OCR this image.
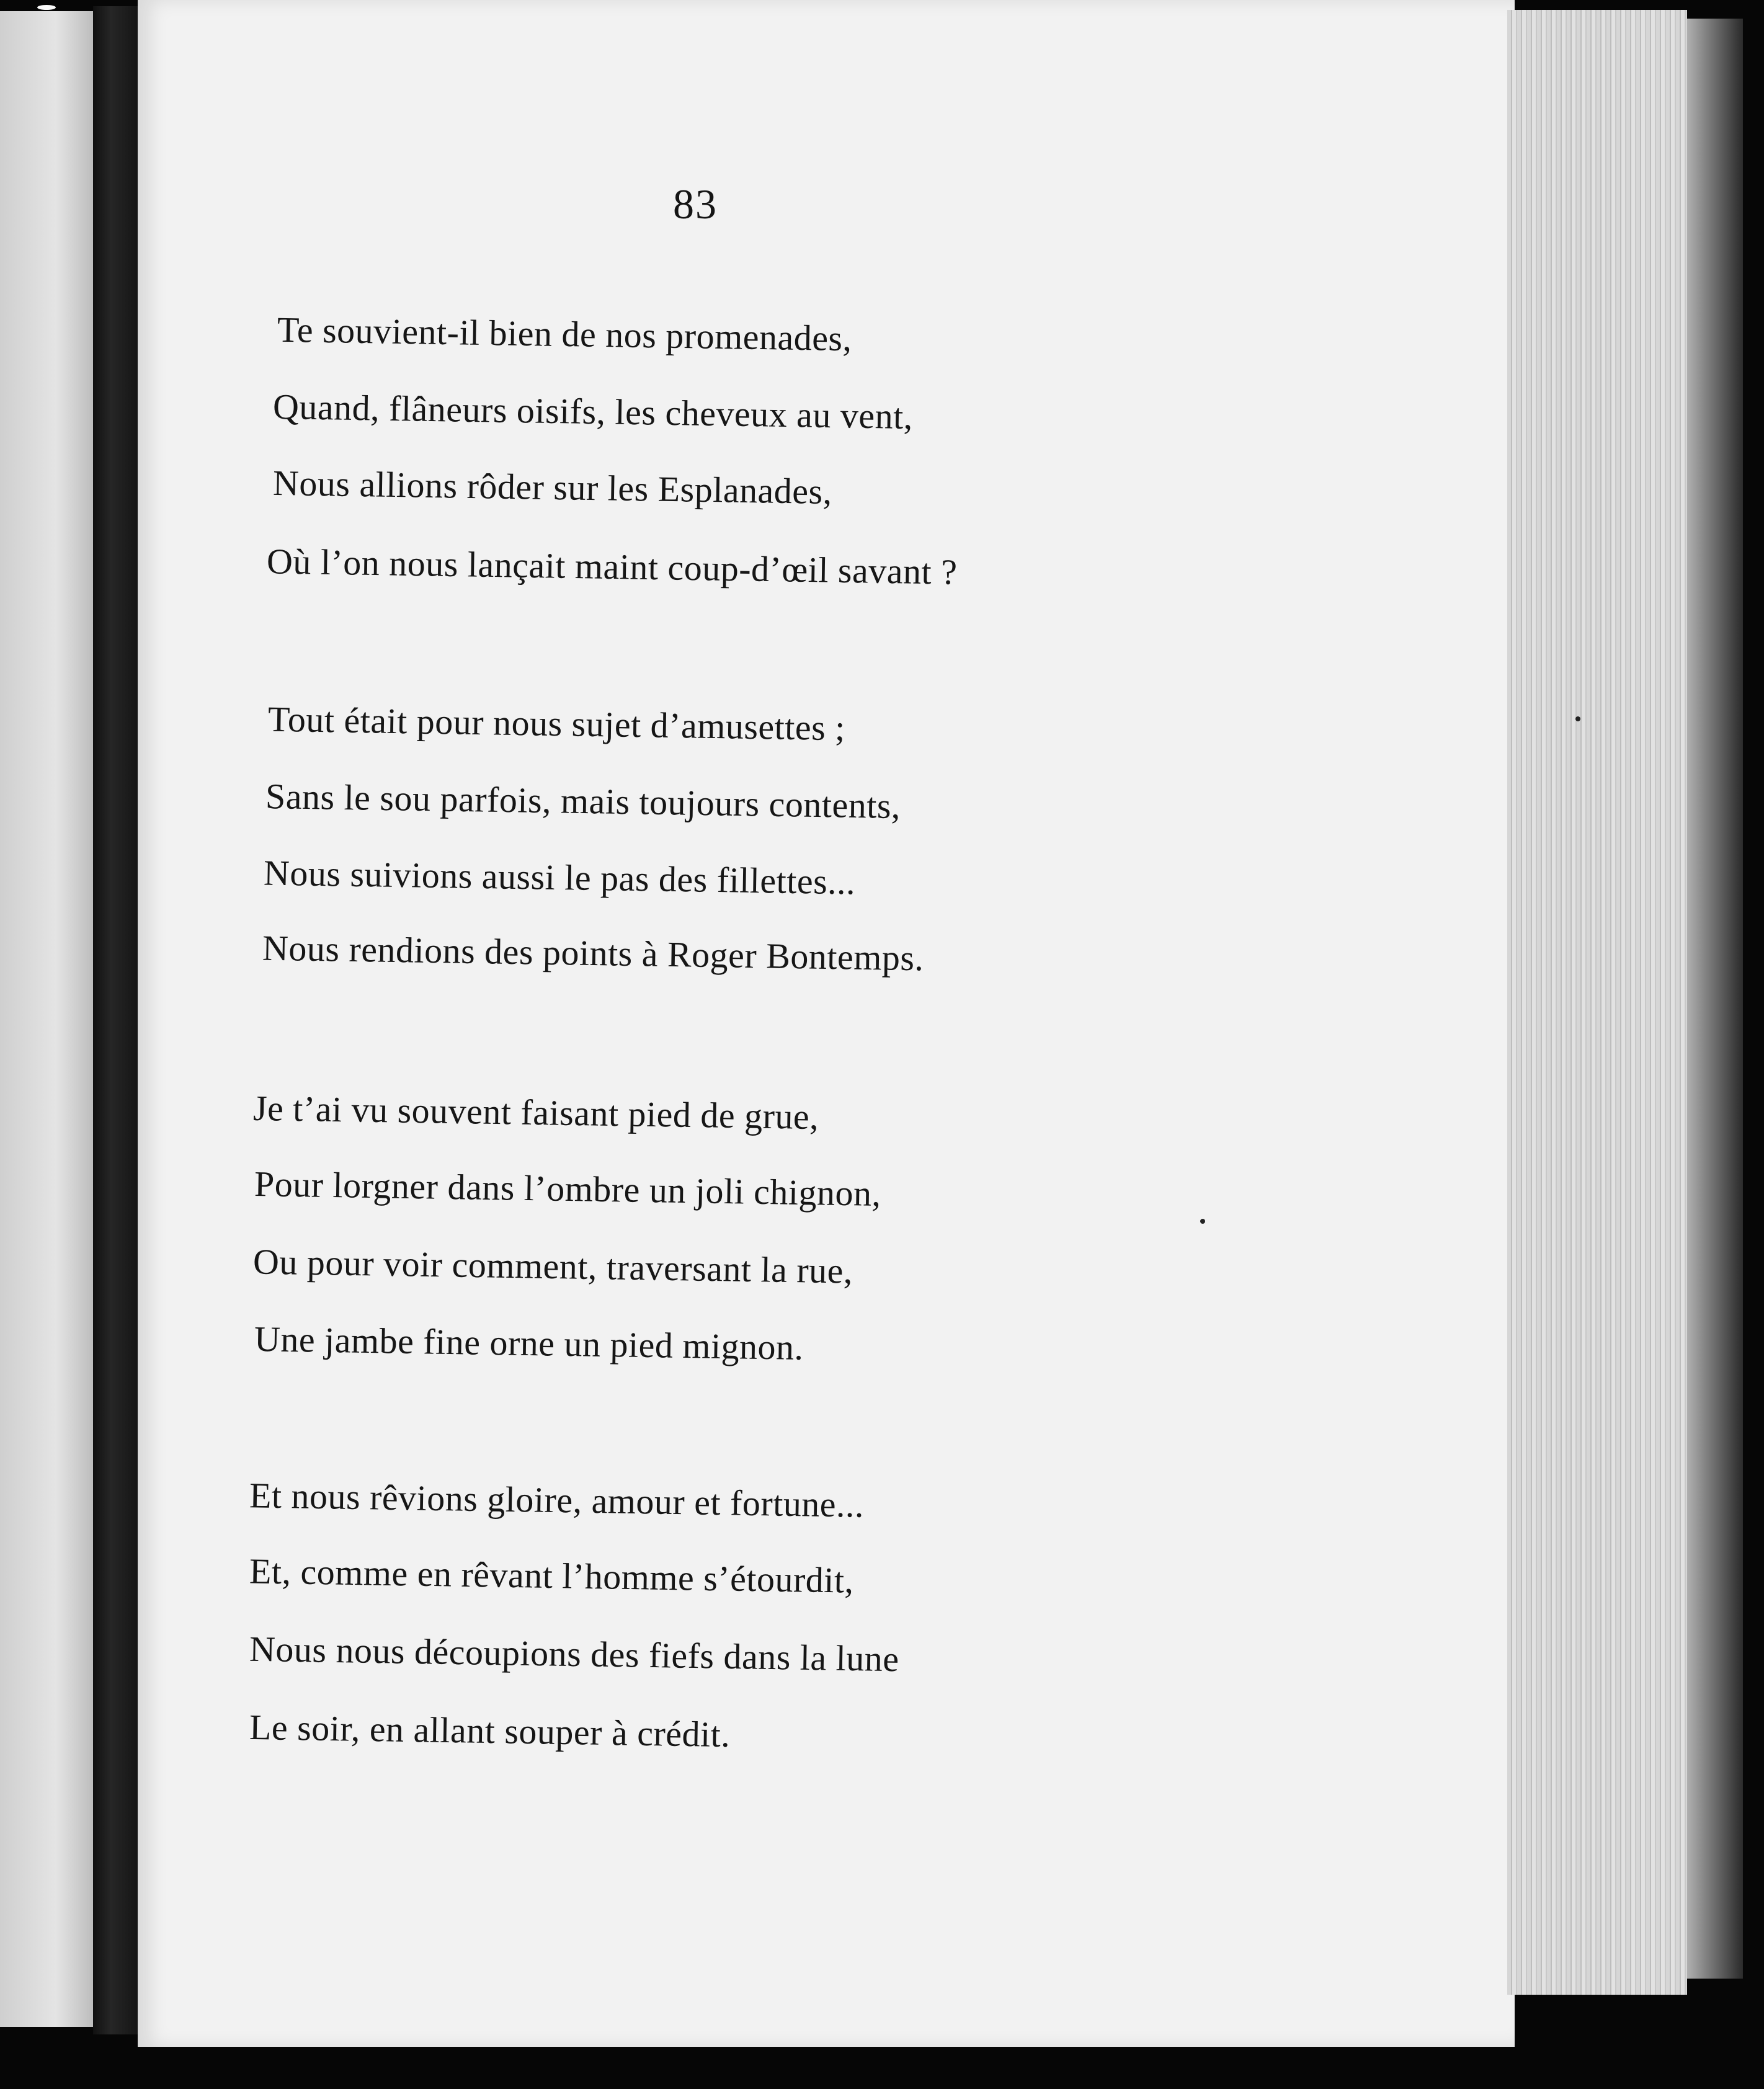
83
Te souvient-il bien de nos promenades,
Quand, flâneurs oisifs, les cheveux au vent,
Nous allions rôder sur les Esplanades,
Où l’on nous lançait maint coup-d’œil savant ?
Tout était pour nous sujet d’amusettes ;
Sans le sou parfois, mais toujours contents,
Nous suivions aussi le pas des fillettes...
Nous rendions des points à Roger Bontemps.
Je t’ai vu souvent faisant pied de grue,
Pour lorgner dans l’ombre un joli chignon,
Ou pour voir comment, traversant la rue,
Une jambe fine orne un pied mignon.
Et nous rêvions gloire, amour et fortune...
Et, comme en rêvant l’homme s’étourdit,
Nous nous découpions des fiefs dans la lune
Le soir, en allant souper à crédit.
